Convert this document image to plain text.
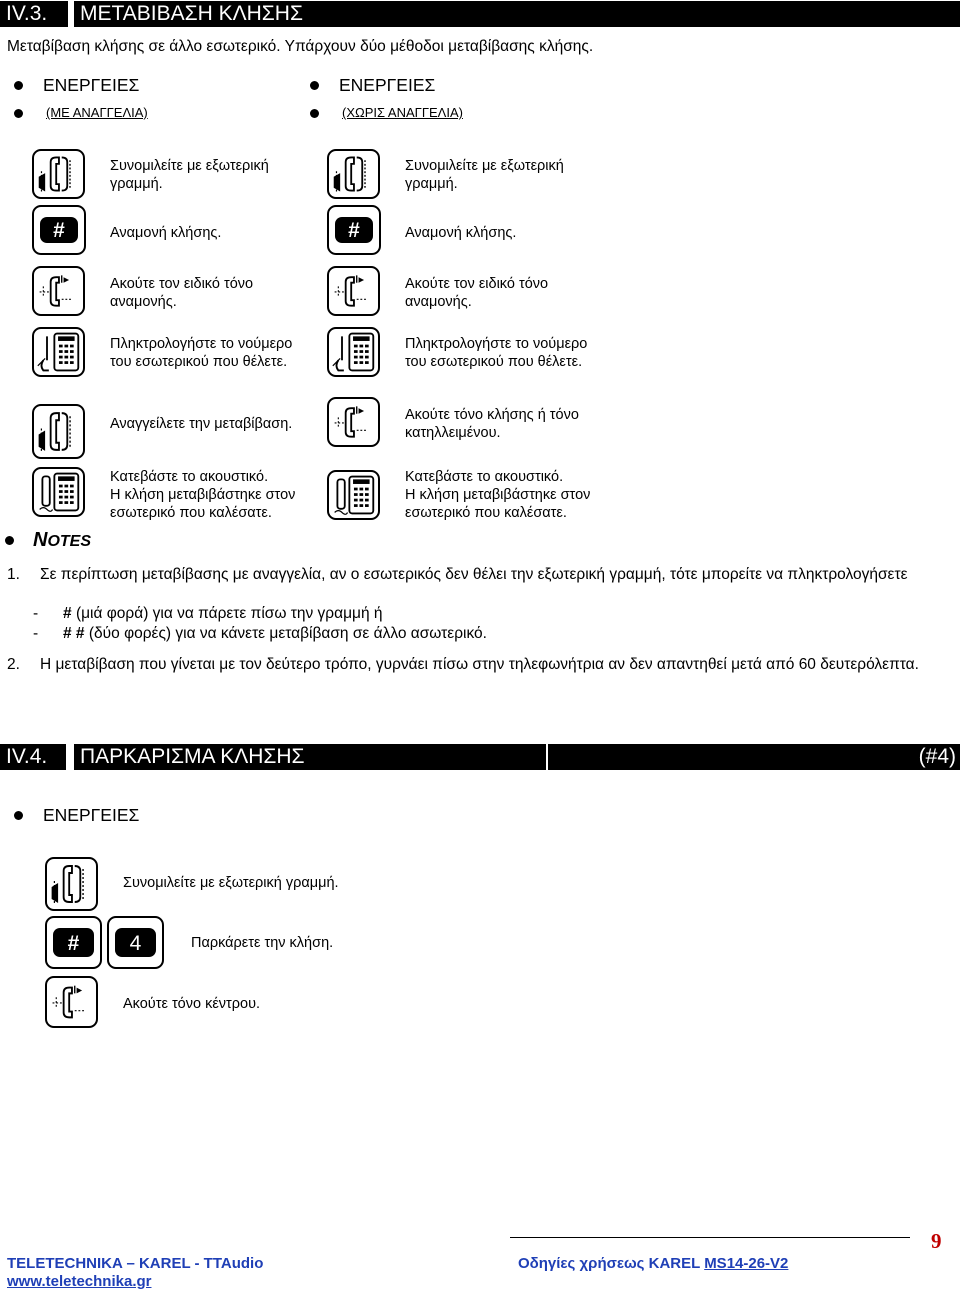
IV.3.	ΜΕΤΑΒΙΒΑΣΗ ΚΛΗΣΗΣ
Μεταβίβαση κλήσης σε άλλο εσωτερικό. Υπάρχουν δύο μέθοδοι μεταβίβασης κλήσης.
ΕΝΕΡΓΕΙΕΣ
(ΜΕ ΑΝΑΓΓΕΛΙΑ)
ΕΝΕΡΓΕΙΕΣ
(ΧΩΡΙΣ ΑΝΑΓΓΕΛΙΑ)
Συνομιλείτε με εξωτερική
γραμμή.
#	Αναμονή κλήσης.
Ακούτε τον ειδικό τόνο
αναμονής.
Πληκτρολογήστε το νούμερο
του εσωτερικού που θέλετε.
Αναγγείλετε την μεταβίβαση.
Κατεβάστε το ακουστικό.
Η κλήση μεταβιβάστηκε στον
εσωτερικό που καλέσατε.
Συνομιλείτε με εξωτερική
γραμμή.
#	Αναμονή κλήσης.
Ακούτε τον ειδικό τόνο
αναμονής.
Πληκτρολογήστε το νούμερο
του εσωτερικού που θέλετε.
Ακούτε τόνο κλήσης ή τόνο
κατηλλειμένου.
Κατεβάστε το ακουστικό.
Η κλήση μεταβιβάστηκε στον
εσωτερικό που καλέσατε.
NOTES
1. Σε περίπτωση μεταβίβασης με αναγγελία, αν ο εσωτερικός δεν θέλει την εξωτερική γραμμή, τότε μπορείτε να πληκτρολογήσετε
- # (μιά φορά) για να πάρετε πίσω την γραμμή ή
- # # (δύο φορές) για να κάνετε μεταβίβαση σε άλλο ασωτερικό.
2. Η μεταβίβαση που γίνεται με τον δεύτερο τρόπο, γυρνάει πίσω στην τηλεφωνήτρια αν δεν απαντηθεί μετά από 60 δευτερόλεπτα.
IV.4.	ΠΑΡΚΑΡΙΣΜΑ ΚΛΗΣΗΣ	(#4)
ΕΝΕΡΓΕΙΕΣ
Συνομιλείτε με εξωτερική γραμμή.
#	4	Παρκάρετε την κλήση.
Ακούτε τόνο κέντρου.
9
TELETECHNIKA – KAREL - TTAudio
www.teletechnika.gr
Οδηγίες χρήσεως KAREL MS14-26-V2
